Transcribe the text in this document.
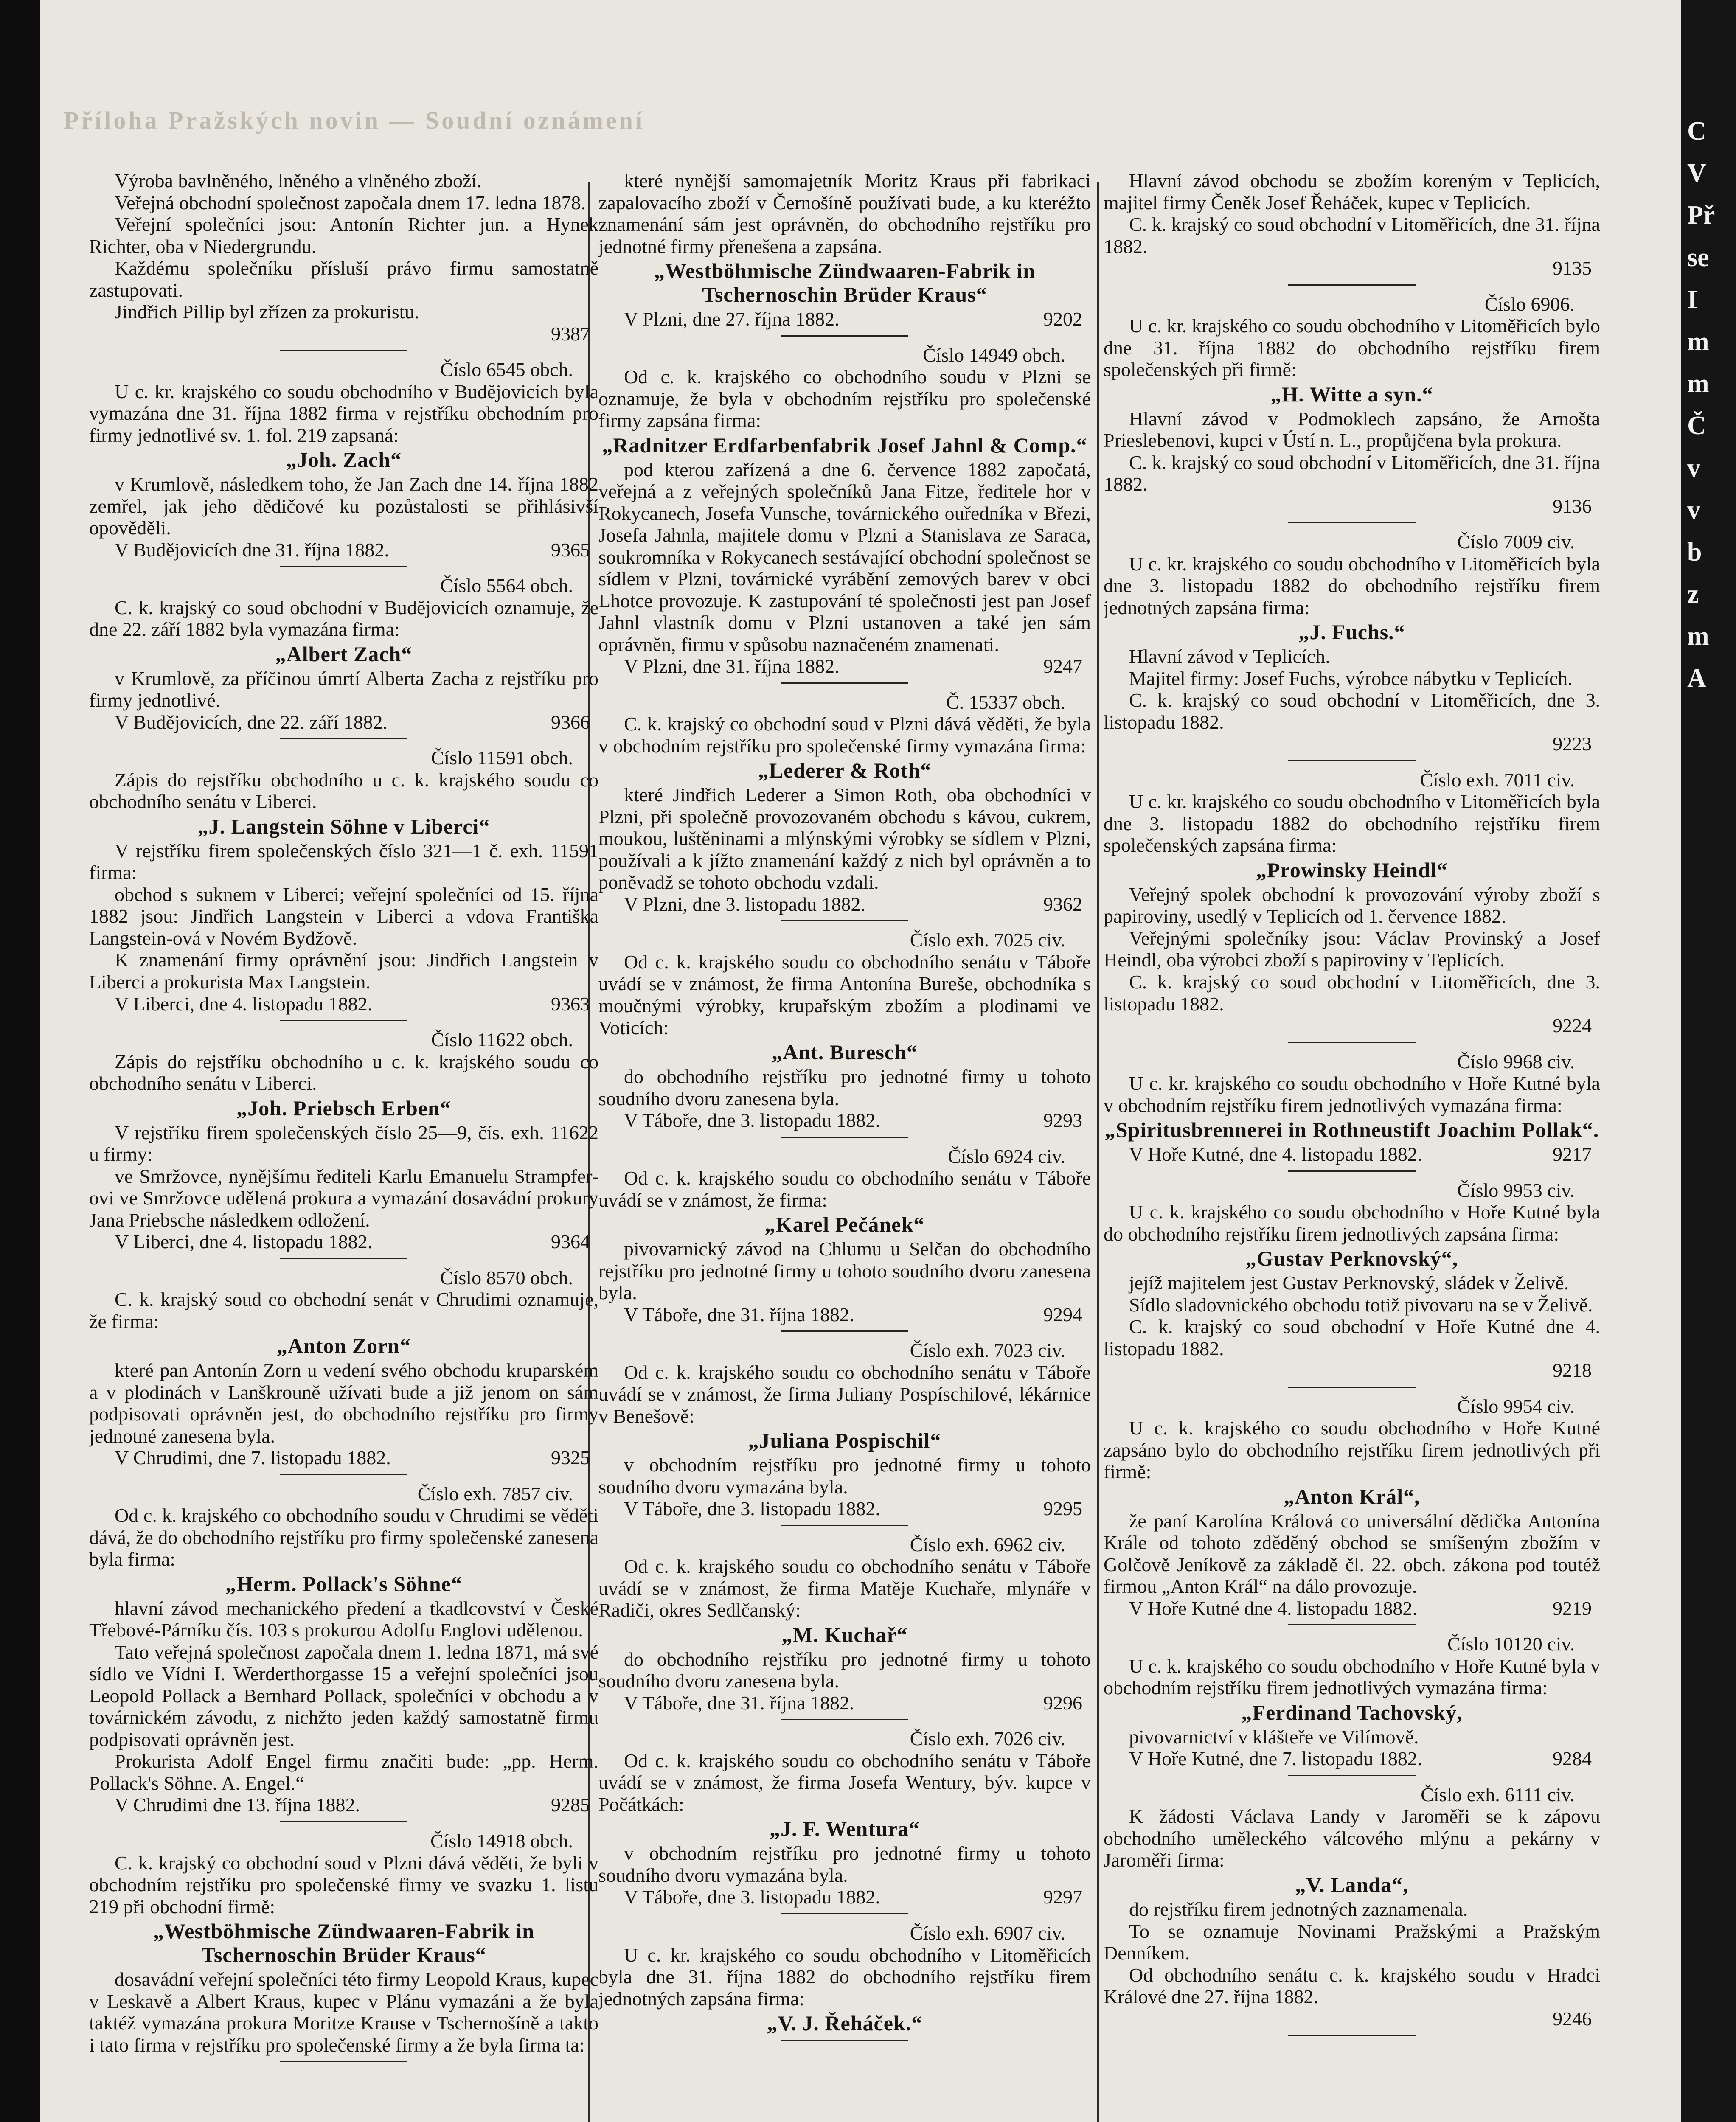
Příloha Pražských novin — Soudní oznámení

Výroba bavlněného, lněného a vlněného zboží.

Veřejná obchodní společnost započala dnem 17. ledna 1878.

Veřejní společníci jsou: Antonín Richter jun. a Hynek Richter, oba v Niedergrundu.

Každému společníku přísluší právo firmu samostatně zastupovati.

Jindřich Pillip byl zřízen za prokuristu.

9387
Číslo 6545 obch.

U c. kr. krajského co soudu obchodního v Budějovicích byla vymazána dne 31. října 1882 firma v rejstříku obchodním pro firmy jednotlivé sv. 1. fol. 219 zapsaná:

„Joh. Zach“

v Krumlově, následkem toho, že Jan Zach dne 14. října 1882 zemřel, jak jeho dědičové ku pozůstalosti se přihlásivší opověděli.

V Budějovicích dne 31. října 1882.	9365
Číslo 5564 obch.

C. k. krajský co soud obchodní v Budějovicích oznamuje, že dne 22. září 1882 byla vymazána firma:

„Albert Zach“

v Krumlově, za příčinou úmrtí Alberta Zacha z rejstříku pro firmy jednotlivé.

V Budějovicích, dne 22. září 1882.	9366
Číslo 11591 obch.

Zápis do rejstříku obchodního u c. k. krajského soudu co obchodního senátu v Liberci.

„J. Langstein Söhne v Liberci“

V rejstříku firem společenských číslo 321—1 č. exh. 11591 firma:

obchod s suknem v Liberci; veřejní společníci od 15. října 1882 jsou: Jindřich Langstein v Liberci a vdova Františka Langstein-ová v Novém Bydžově.

K znamenání firmy oprávnění jsou: Jindřich Langstein v Liberci a prokurista Max Langstein.

V Liberci, dne 4. listopadu 1882.	9363
Číslo 11622 obch.

Zápis do rejstříku obchodního u c. k. krajského soudu co obchodního senátu v Liberci.

„Joh. Priebsch Erben“

V rejstříku firem společenských číslo 25—9, čís. exh. 11622 u firmy:

ve Smržovce, nynějšímu řediteli Karlu Emanuelu Strampfer-ovi ve Smržovce udělená prokura a vymazání dosavádní prokury Jana Priebsche následkem odložení.

V Liberci, dne 4. listopadu 1882.	9364
Číslo 8570 obch.

C. k. krajský soud co obchodní senát v Chrudimi oznamuje, že firma:

„Anton Zorn“

které pan Antonín Zorn u vedení svého obchodu kruparském a v plodinách v Lanškrouně užívati bude a již jenom on sám podpisovati oprávněn jest, do obchodního rejstříku pro firmy jednotné zanesena byla.

V Chrudimi, dne 7. listopadu 1882.	9325
Číslo exh. 7857 civ.

Od c. k. krajského co obchodního soudu v Chrudimi se věděti dává, že do obchodního rejstříku pro firmy společenské zanesena byla firma:

„Herm. Pollack's Söhne“

hlavní závod mechanického předení a tkadlcovství v České Třebové-Párníku čís. 103 s prokurou Adolfu Englovi udělenou.

Tato veřejná společnost započala dnem 1. ledna 1871, má své sídlo ve Vídni I. Werderthorgasse 15 a veřejní společníci jsou Leopold Pollack a Bernhard Pollack, společníci v obchodu a v továrnickém závodu, z nichžto jeden každý samostatně firmu podpisovati oprávněn jest.

Prokurista Adolf Engel firmu značiti bude: „pp. Herm. Pollack's Söhne. A. Engel.“

V Chrudimi dne 13. října 1882.	9285
Číslo 14918 obch.

C. k. krajský co obchodní soud v Plzni dává věděti, že byli v obchodním rejstříku pro společenské firmy ve svazku 1. listu 219 při obchodní firmě:

„Westböhmische Zündwaaren-Fabrik in Tschernoschin Brüder Kraus“

dosavádní veřejní společníci této firmy Leopold Kraus, kupec v Leskavě a Albert Kraus, kupec v Plánu vymazáni a že byla taktéž vymazána prokura Moritze Krause v Tschernošíně a takto i tato firma v rejstříku pro společenské firmy a že byla firma ta:

které nynější samomajetník Moritz Kraus při fabrikaci zapalovacího zboží v Černošíně používati bude, a ku kteréžto znamenání sám jest oprávněn, do obchodního rejstříku pro jednotné firmy přenešena a zapsána.

„Westböhmische Zündwaaren-Fabrik in Tschernoschin Brüder Kraus“
V Plzni, dne 27. října 1882.	9202
Číslo 14949 obch.

Od c. k. krajského co obchodního soudu v Plzni se oznamuje, že byla v obchodním rejstříku pro společenské firmy zapsána firma:

„Radnitzer Erdfarbenfabrik Josef Jahnl & Comp.“

pod kterou zařízená a dne 6. července 1882 započatá, veřejná a z veřejných společníků Jana Fitze, ředitele hor v Rokycanech, Josefa Vunsche, továrnického ouředníka v Březi, Josefa Jahnla, majitele domu v Plzni a Stanislava ze Saraca, soukromníka v Rokycanech sestávající obchodní společnost se sídlem v Plzni, továrnické vyrábění zemových barev v obci Lhotce provozuje. K zastupování té společnosti jest pan Josef Jahnl vlastník domu v Plzni ustanoven a také jen sám oprávněn, firmu v spůsobu naznačeném znamenati.

V Plzni, dne 31. října 1882.	9247
Č. 15337 obch.

C. k. krajský co obchodní soud v Plzni dává věděti, že byla v obchodním rejstříku pro společenské firmy vymazána firma:

„Lederer & Roth“

které Jindřich Lederer a Simon Roth, oba obchodníci v Plzni, při společně provozovaném obchodu s kávou, cukrem, moukou, luštěninami a mlýnskými výrobky se sídlem v Plzni, používali a k jížto znamenání každý z nich byl oprávněn a to poněvadž se tohoto obchodu vzdali.

V Plzni, dne 3. listopadu 1882.	9362
Číslo exh. 7025 civ.

Od c. k. krajského soudu co obchodního senátu v Táboře uvádí se v známost, že firma Antonína Bureše, obchodníka s moučnými výrobky, krupařským zbožím a plodinami ve Voticích:

„Ant. Buresch“

do obchodního rejstříku pro jednotné firmy u tohoto soudního dvoru zanesena byla.

V Táboře, dne 3. listopadu 1882.	9293
Číslo 6924 civ.

Od c. k. krajského soudu co obchodního senátu v Táboře uvádí se v známost, že firma:

„Karel Pečánek“

pivovarnický závod na Chlumu u Selčan do obchodního rejstříku pro jednotné firmy u tohoto soudního dvoru zanesena byla.

V Táboře, dne 31. října 1882.	9294
Číslo exh. 7023 civ.

Od c. k. krajského soudu co obchodního senátu v Táboře uvádí se v známost, že firma Juliany Pospíschilové, lékárnice v Benešově:

„Juliana Pospischil“

v obchodním rejstříku pro jednotné firmy u tohoto soudního dvoru vymazána byla.

V Táboře, dne 3. listopadu 1882.	9295
Číslo exh. 6962 civ.

Od c. k. krajského soudu co obchodního senátu v Táboře uvádí se v známost, že firma Matěje Kuchaře, mlynáře v Radiči, okres Sedlčanský:

„M. Kuchař“

do obchodního rejstříku pro jednotné firmy u tohoto soudního dvoru zanesena byla.

V Táboře, dne 31. října 1882.	9296
Číslo exh. 7026 civ.

Od c. k. krajského soudu co obchodního senátu v Táboře uvádí se v známost, že firma Josefa Wentury, býv. kupce v Počátkách:

„J. F. Wentura“

v obchodním rejstříku pro jednotné firmy u tohoto soudního dvoru vymazána byla.

V Táboře, dne 3. listopadu 1882.	9297
Číslo exh. 6907 civ.

U c. kr. krajského co soudu obchodního v Litoměřicích byla dne 31. října 1882 do obchodního rejstříku firem jednotných zapsána firma:

„V. J. Řeháček.“

Hlavní závod obchodu se zbožím koreným v Teplicích, majitel firmy Čeněk Josef Řeháček, kupec v Teplicích.

C. k. krajský co soud obchodní v Litoměřicích, dne 31. října 1882.

9135
Číslo 6906.

U c. kr. krajského co soudu obchodního v Litoměřicích bylo dne 31. října 1882 do obchodního rejstříku firem společenských při firmě:

„H. Witte a syn.“

Hlavní závod v Podmoklech zapsáno, že Arnošta Prieslebenovi, kupci v Ústí n. L., propůjčena byla prokura.

C. k. krajský co soud obchodní v Litoměřicích, dne 31. října 1882.

9136
Číslo 7009 civ.

U c. kr. krajského co soudu obchodního v Litoměřicích byla dne 3. listopadu 1882 do obchodního rejstříku firem jednotných zapsána firma:

„J. Fuchs.“

Hlavní závod v Teplicích.

Majitel firmy: Josef Fuchs, výrobce nábytku v Teplicích.

C. k. krajský co soud obchodní v Litoměřicích, dne 3. listopadu 1882.

9223
Číslo exh. 7011 civ.

U c. kr. krajského co soudu obchodního v Litoměřicích byla dne 3. listopadu 1882 do obchodního rejstříku firem společenských zapsána firma:

„Prowinsky Heindl“

Veřejný spolek obchodní k provozování výroby zboží s papiroviny, usedlý v Teplicích od 1. července 1882.

Veřejnými společníky jsou: Václav Provinský a Josef Heindl, oba výrobci zboží s papiroviny v Teplicích.

C. k. krajský co soud obchodní v Litoměřicích, dne 3. listopadu 1882.

9224
Číslo 9968 civ.

U c. kr. krajského co soudu obchodního v Hoře Kutné byla v obchodním rejstříku firem jednotlivých vymazána firma:

„Spiritusbrennerei in Rothneustift Joachim Pollak“.
V Hoře Kutné, dne 4. listopadu 1882.	9217
Číslo 9953 civ.

U c. k. krajského co soudu obchodního v Hoře Kutné byla do obchodního rejstříku firem jednotlivých zapsána firma:

„Gustav Perknovský“,

jejíž majitelem jest Gustav Perknovský, sládek v Želivě.

Sídlo sladovnického obchodu totiž pivovaru na se v Želivě.

C. k. krajský co soud obchodní v Hoře Kutné dne 4. listopadu 1882.

9218
Číslo 9954 civ.

U c. k. krajského co soudu obchodního v Hoře Kutné zapsáno bylo do obchodního rejstříku firem jednotlivých při firmě:

„Anton Král“,

že paní Karolína Králová co universální dědička Antonína Krále od tohoto zděděný obchod se smíšeným zbožím v Golčově Jeníkově za základě čl. 22. obch. zákona pod toutéž firmou „Anton Král“ na dálo provozuje.

V Hoře Kutné dne 4. listopadu 1882.	9219
Číslo 10120 civ.

U c. k. krajského co soudu obchodního v Hoře Kutné byla v obchodním rejstříku firem jednotlivých vymazána firma:

„Ferdinand Tachovský,

pivovarnictví v klášteře ve Vilímově.

V Hoře Kutné, dne 7. listopadu 1882.	9284
Číslo exh. 6111 civ.

K žádosti Václava Landy v Jaroměři se k zápovu obchodního uměleckého válcového mlýnu a pekárny v Jaroměři firma:

„V. Landa“,

do rejstříku firem jednotných zaznamenala.

To se oznamuje Novinami Pražskými a Pražským Denníkem.

Od obchodního senátu c. k. krajského soudu v Hradci Králové dne 27. října 1882.

9246
C
V
Př
se
I
m
m
Č
v
v
b
z
m
A
